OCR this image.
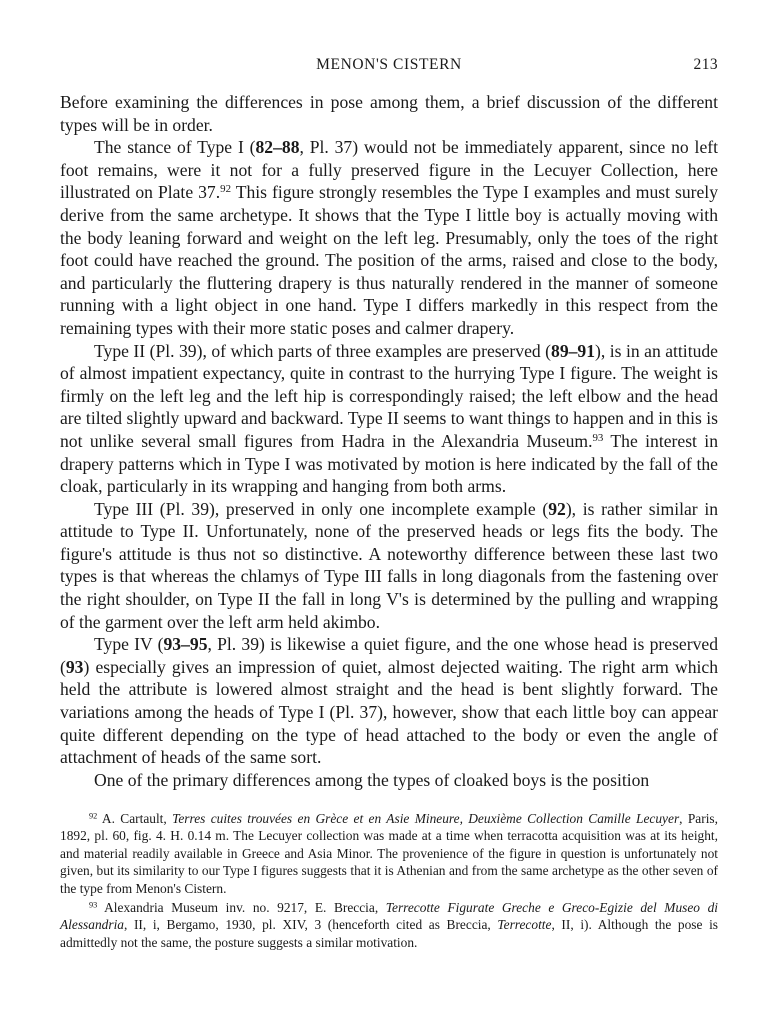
MENON'S CISTERN	213

Before examining the differences in pose among them, a brief discussion of the different types will be in order.

The stance of Type I (82–88, Pl. 37) would not be immediately apparent, since no left foot remains, were it not for a fully preserved figure in the Lecuyer Collection, here illustrated on Plate 37.92 This figure strongly resembles the Type I examples and must surely derive from the same archetype. It shows that the Type I little boy is actually moving with the body leaning forward and weight on the left leg. Presumably, only the toes of the right foot could have reached the ground. The position of the arms, raised and close to the body, and particularly the fluttering drapery is thus naturally rendered in the manner of someone running with a light object in one hand. Type I differs markedly in this respect from the remaining types with their more static poses and calmer drapery.

Type II (Pl. 39), of which parts of three examples are preserved (89–91), is in an attitude of almost impatient expectancy, quite in contrast to the hurrying Type I figure. The weight is firmly on the left leg and the left hip is correspondingly raised; the left elbow and the head are tilted slightly upward and backward. Type II seems to want things to happen and in this is not unlike several small figures from Hadra in the Alexandria Museum.$^{93}$ The interest in drapery patterns which in Type I was motivated by motion is here indicated by the fall of the cloak, particularly in its wrapping and hanging from both arms.

Type III (Pl. 39), preserved in only one incomplete example (92), is rather similar in attitude to Type II. Unfortunately, none of the preserved heads or legs fits the body. The figure's attitude is thus not so distinctive. A noteworthy difference between these last two types is that whereas the chlamys of Type III falls in long diagonals from the fastening over the right shoulder, on Type II the fall in long V's is determined by the pulling and wrapping of the garment over the left arm held akimbo.

Type IV (93–95, Pl. 39) is likewise a quiet figure, and the one whose head is preserved (93) especially gives an impression of quiet, almost dejected waiting. The right arm which held the attribute is lowered almost straight and the head is bent slightly forward. The variations among the heads of Type I (Pl. 37), however, show that each little boy can appear quite different depending on the type of head attached to the body or even the angle of attachment of heads of the same sort.

One of the primary differences among the types of cloaked boys is the position

$^{92}$ A. Cartault, Terres cuites trouvées en Grèce et en Asie Mineure, Deuxième Collection Camille Lecuyer, Paris, 1892, pl. 60, fig. 4. H. 0.14 m. The Lecuyer collection was made at a time when terracotta acquisition was at its height, and material readily available in Greece and Asia Minor. The provenience of the figure in question is unfortunately not given, but its similarity to our Type I figures suggests that it is Athenian and from the same archetype as the other seven of the type from Menon's Cistern.

$^{93}$ Alexandria Museum inv. no. 9217, E. Breccia, Terrecotte Figurate Greche e Greco-Egizie del Museo di Alessandria, II, i, Bergamo, 1930, pl. XIV, 3 (henceforth cited as Breccia, Terrecotte, II, i). Although the pose is admittedly not the same, the posture suggests a similar motivation.
